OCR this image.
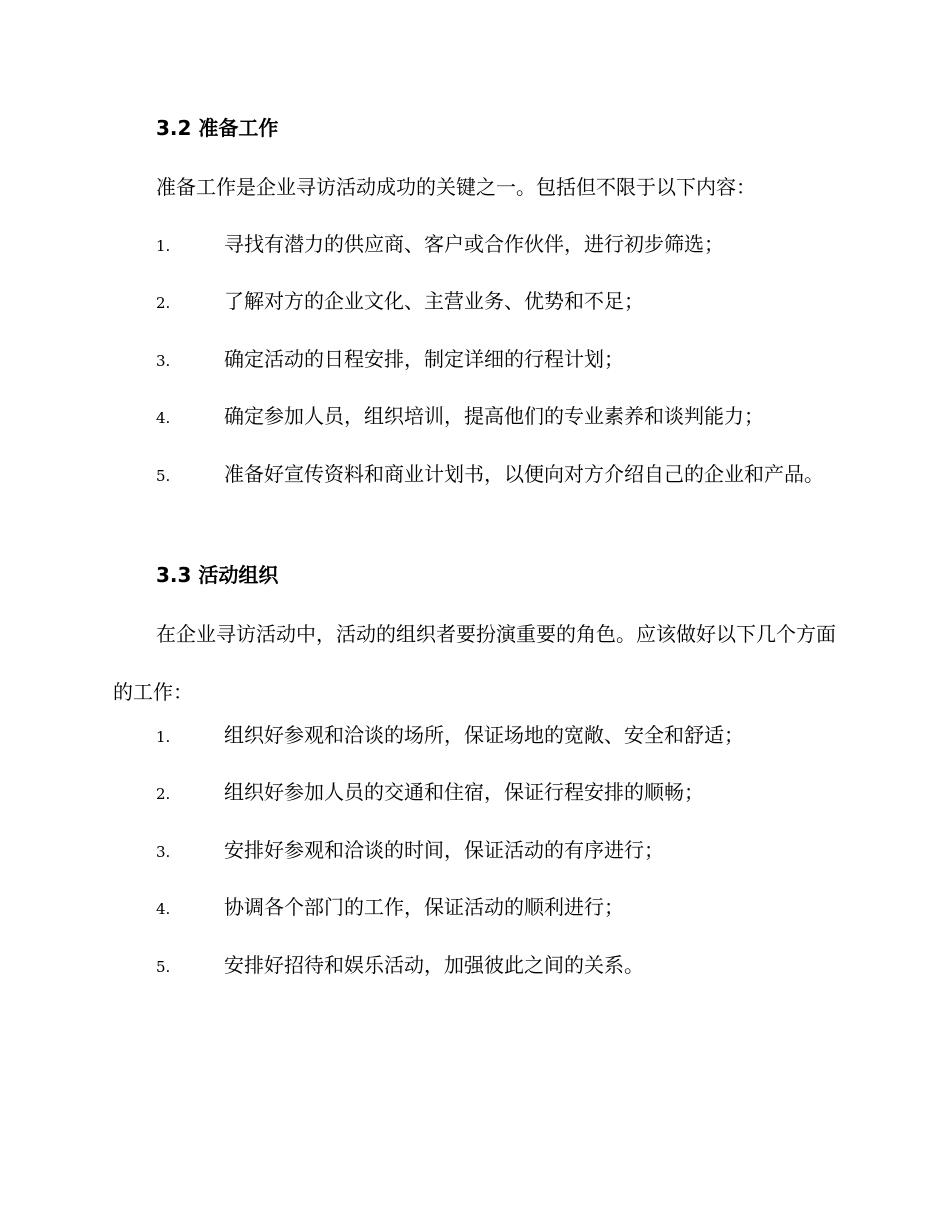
3.2 准备工作

准备工作是企业寻访活动成功的关键之一。包括但不限于以下内容：

1.	寻找有潜力的供应商、客户或合作伙伴，进行初步筛选；

2.	了解对方的企业文化、主营业务、优势和不足；

3.	确定活动的日程安排，制定详细的行程计划；

4.	确定参加人员，组织培训，提高他们的专业素养和谈判能力；

5.	准备好宣传资料和商业计划书，以便向对方介绍自己的企业和产品。

3.3 活动组织

在企业寻访活动中，活动的组织者要扮演重要的角色。应该做好以下几个方面的工作：

1.	组织好参观和洽谈的场所，保证场地的宽敞、安全和舒适；

2.	组织好参加人员的交通和住宿，保证行程安排的顺畅；

3.	安排好参观和洽谈的时间，保证活动的有序进行；

4.	协调各个部门的工作，保证活动的顺利进行；

5.	安排好招待和娱乐活动，加强彼此之间的关系。
